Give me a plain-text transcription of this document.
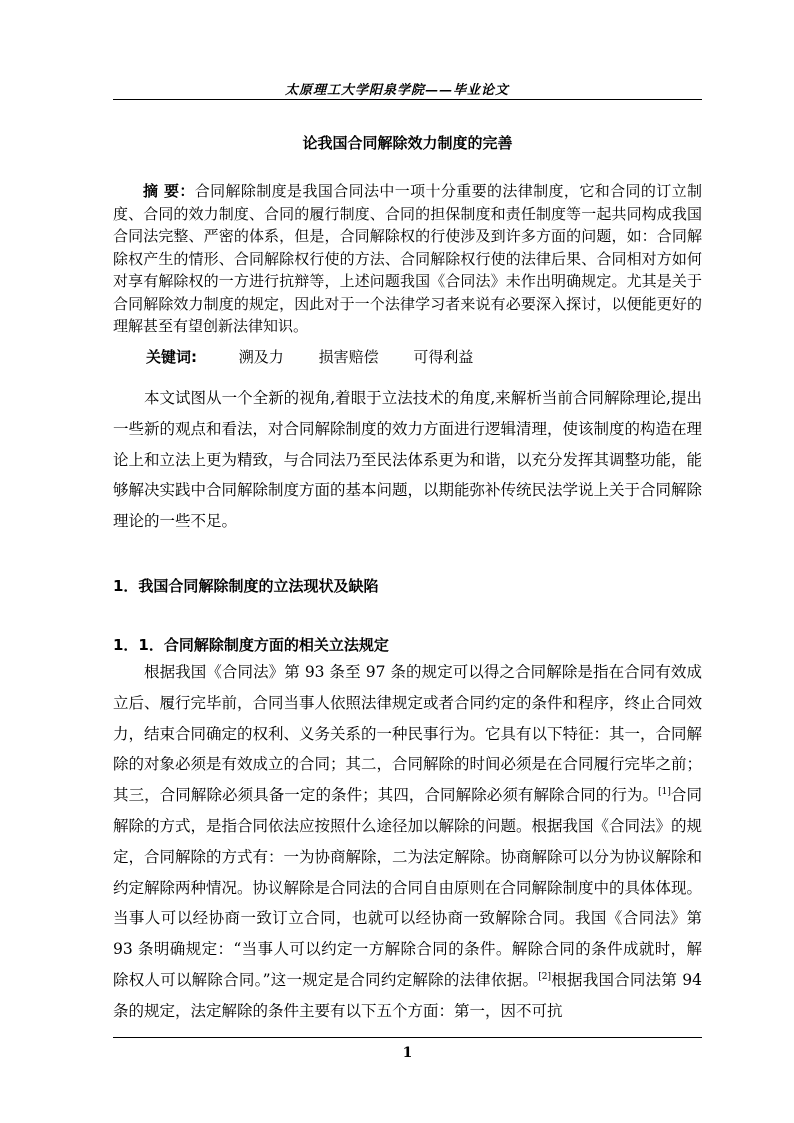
太原理工大学阳泉学院——毕业论文
论我国合同解除效力制度的完善

摘 要：合同解除制度是我国合同法中一项十分重要的法律制度，它和合同的订立制度、合同的效力制度、合同的履行制度、合同的担保制度和责任制度等一起共同构成我国合同法完整、严密的体系，但是，合同解除权的行使涉及到许多方面的问题，如：合同解除权产生的情形、合同解除权行使的方法、合同解除权行使的法律后果、合同相对方如何对享有解除权的一方进行抗辩等，上述问题我国《合同法》未作出明确规定。尤其是关于合同解除效力制度的规定，因此对于一个法律学习者来说有必要深入探讨，以便能更好的理解甚至有望创新法律知识。

关键词:	溯及力 损害赔偿 可得利益

本文试图从一个全新的视角,着眼于立法技术的角度,来解析当前合同解除理论,提出一些新的观点和看法，对合同解除制度的效力方面进行逻辑清理，使该制度的构造在理论上和立法上更为精致，与合同法乃至民法体系更为和谐，以充分发挥其调整功能，能够解决实践中合同解除制度方面的基本问题，以期能弥补传统民法学说上关于合同解除理论的一些不足。

1．我国合同解除制度的立法现状及缺陷
1．1．合同解除制度方面的相关立法规定

根据我国《合同法》第 93 条至 97 条的规定可以得之合同解除是指在合同有效成立后、履行完毕前，合同当事人依照法律规定或者合同约定的条件和程序，终止合同效力，结束合同确定的权利、义务关系的一种民事行为。它具有以下特征：其一，合同解除的对象必须是有效成立的合同；其二，合同解除的时间必须是在合同履行完毕之前；其三，合同解除必须具备一定的条件；其四，合同解除必须有解除合同的行为。[1]合同解除的方式，是指合同依法应按照什么途径加以解除的问题。根据我国《合同法》的规定，合同解除的方式有：一为协商解除，二为法定解除。协商解除可以分为协议解除和约定解除两种情况。协议解除是合同法的合同自由原则在合同解除制度中的具体体现。当事人可以经协商一致订立合同，也就可以经协商一致解除合同。我国《合同法》第 93 条明确规定：“当事人可以约定一方解除合同的条件。解除合同的条件成就时，解除权人可以解除合同。”这一规定是合同约定解除的法律依据。[2]根据我国合同法第 94 条的规定，法定解除的条件主要有以下五个方面：第一，因不可抗

1
